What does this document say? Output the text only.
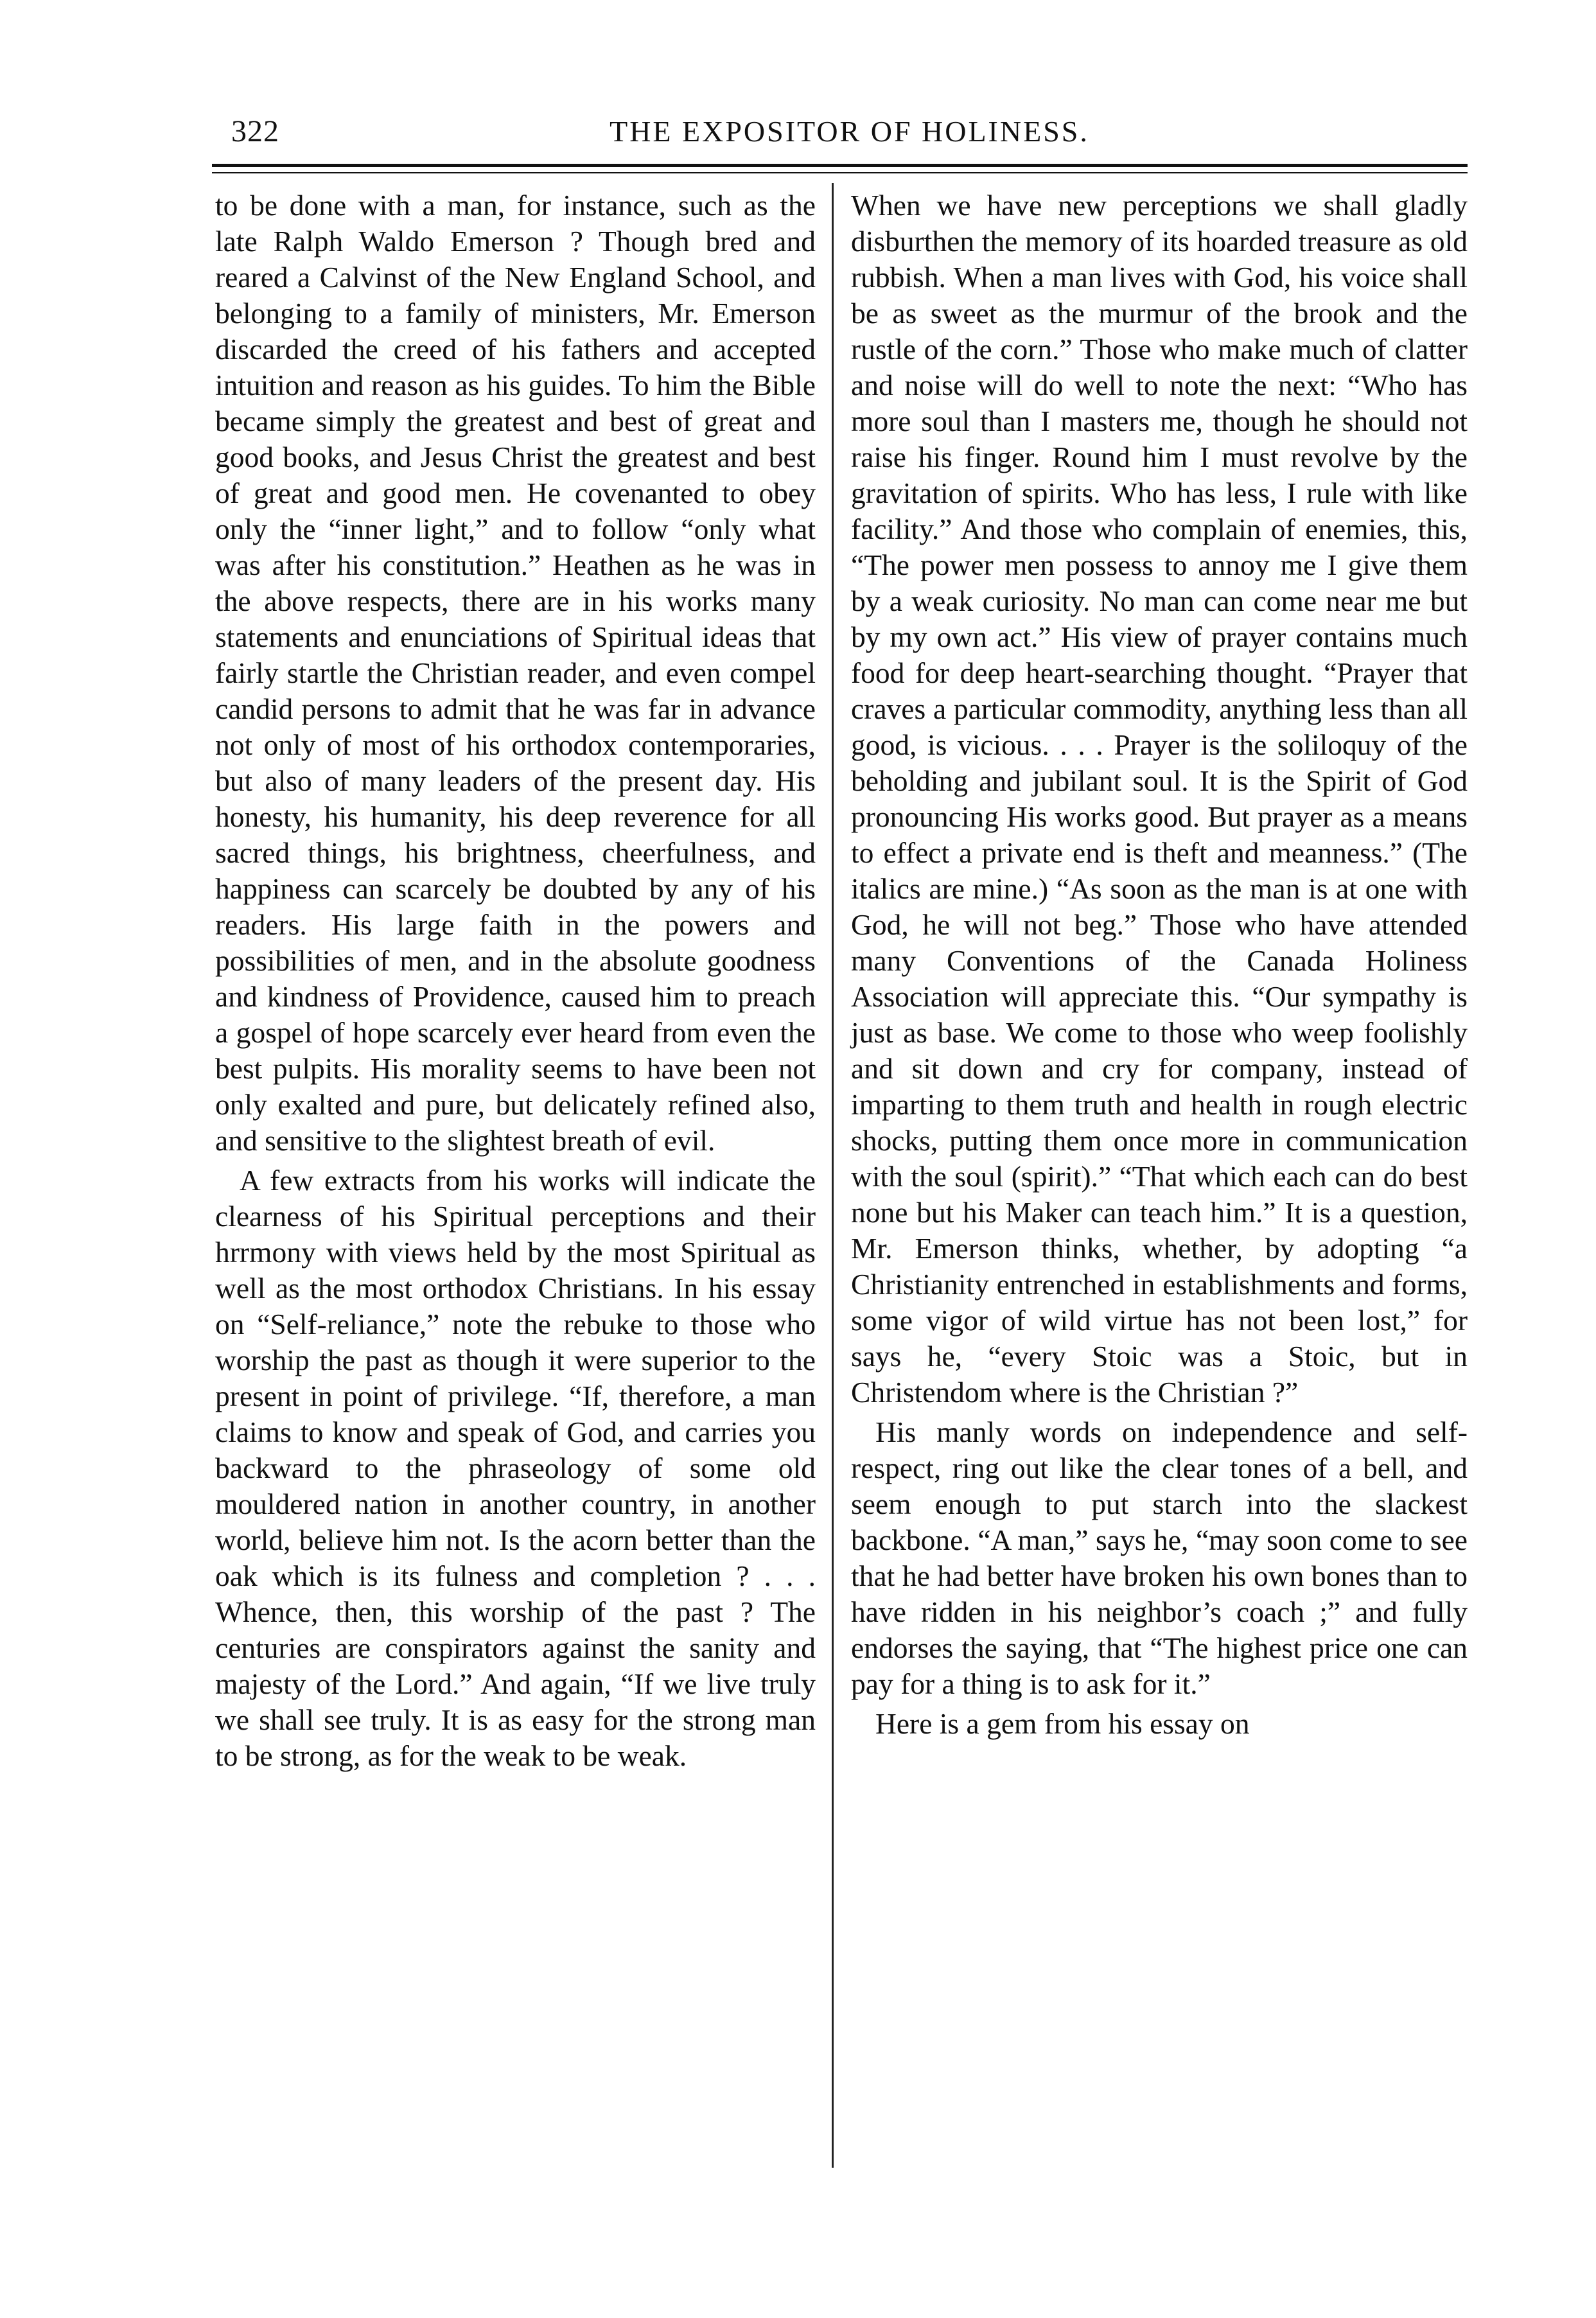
322	THE EXPOSITOR OF HOLINESS.

to be done with a man, for instance, such as the late Ralph Waldo Emerson ? Though bred and reared a Calvinst of the New England School, and belonging to a family of ministers, Mr. Emerson discarded the creed of his fathers and accepted intuition and reason as his guides. To him the Bible became simply the greatest and best of great and good books, and Jesus Christ the greatest and best of great and good men. He covenanted to obey only the “inner light,” and to follow “only what was after his constitution.” Heathen as he was in the above respects, there are in his works many statements and enunciations of Spiritual ideas that fairly startle the Christian reader, and even compel candid persons to admit that he was far in advance not only of most of his orthodox contemporaries, but also of many leaders of the present day. His honesty, his humanity, his deep reverence for all sacred things, his brightness, cheerfulness, and happiness can scarcely be doubted by any of his readers. His large faith in the powers and possibilities of men, and in the absolute goodness and kindness of Providence, caused him to preach a gospel of hope scarcely ever heard from even the best pulpits. His morality seems to have been not only exalted and pure, but delicately refined also, and sensitive to the slightest breath of evil.

A few extracts from his works will indicate the clearness of his Spiritual perceptions and their hrrmony with views held by the most Spiritual as well as the most orthodox Christians. In his essay on “Self-reliance,” note the rebuke to those who worship the past as though it were superior to the present in point of privilege. “If, therefore, a man claims to know and speak of God, and carries you backward to the phraseology of some old mouldered nation in another country, in another world, believe him not. Is the acorn better than the oak which is its fulness and completion ? . . . Whence, then, this worship of the past ? The centuries are conspirators against the sanity and majesty of the Lord.” And again, “If we live truly we shall see truly. It is as easy for the strong man to be strong, as for the weak to be weak.

When we have new perceptions we shall gladly disburthen the memory of its hoarded treasure as old rubbish. When a man lives with God, his voice shall be as sweet as the murmur of the brook and the rustle of the corn.” Those who make much of clatter and noise will do well to note the next: “Who has more soul than I masters me, though he should not raise his finger. Round him I must revolve by the gravitation of spirits. Who has less, I rule with like facility.” And those who complain of enemies, this, “The power men possess to annoy me I give them by a weak curiosity. No man can come near me but by my own act.” His view of prayer contains much food for deep heart-searching thought. “Prayer that craves a particular commodity, anything less than all good, is vicious. . . . Prayer is the soliloquy of the beholding and jubilant soul. It is the Spirit of God pronouncing His works good. But prayer as a means to effect a private end is theft and meanness.” (The italics are mine.) “As soon as the man is at one with God, he will not beg.” Those who have attended many Conventions of the Canada Holiness Association will appreciate this. “Our sympathy is just as base. We come to those who weep foolishly and sit down and cry for company, instead of imparting to them truth and health in rough electric shocks, putting them once more in communication with the soul (spirit).” “That which each can do best none but his Maker can teach him.” It is a question, Mr. Emerson thinks, whether, by adopting “a Christianity entrenched in establishments and forms, some vigor of wild virtue has not been lost,” for says he, “every Stoic was a Stoic, but in Christendom where is the Christian ?”

His manly words on independence and self-respect, ring out like the clear tones of a bell, and seem enough to put starch into the slackest backbone. “A man,” says he, “may soon come to see that he had better have broken his own bones than to have ridden in his neighbor’s coach ;” and fully endorses the saying, that “The highest price one can pay for a thing is to ask for it.”

Here is a gem from his essay on
